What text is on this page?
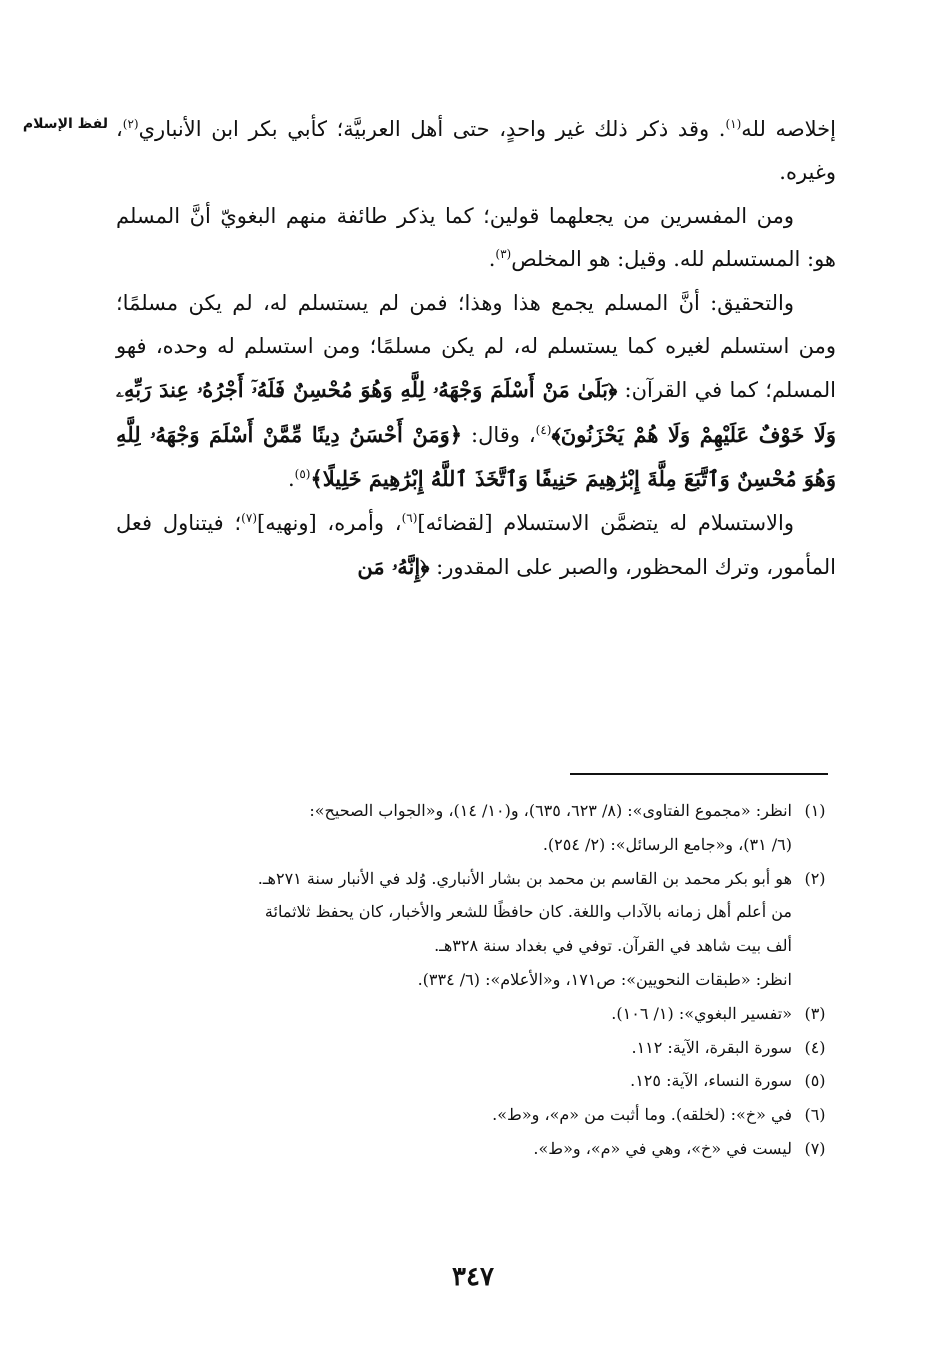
لفظ الإسلام	إخلاصه لله$^{(١)}$. وقد ذكر ذلك غير واحدٍ، حتى أهل العربيَّة؛ كأبي بكر ابن الأنباري$^{(٢)}$، وغيره.

ومن المفسرين من يجعلهما قولين؛ كما يذكر طائفة منهم البغويّ أنَّ المسلم هو: المستسلم لله. وقيل: هو المخلص$^{(٣)}$.

والتحقيق: أنَّ المسلم يجمع هذا وهذا؛ فمن لم يستسلم له، لم يكن مسلمًا؛ ومن استسلم لغيره كما يستسلم له، لم يكن مسلمًا؛ ومن استسلم له وحده، فهو المسلم؛ كما في القرآن: ﴿بَلَىٰ مَنْ أَسْلَمَ وَجْهَهُۥ لِلَّهِ وَهُوَ مُحْسِنٌ فَلَهُۥٓ أَجْرُهُۥ عِندَ رَبِّهِۦ وَلَا خَوْفٌ عَلَيْهِمْ وَلَا هُمْ يَحْزَنُونَ﴾$^{(٤)}$، وقال: ﴿وَمَنْ أَحْسَنُ دِينًا مِّمَّنْ أَسْلَمَ وَجْهَهُۥ لِلَّهِ وَهُوَ مُحْسِنٌ وَٱتَّبَعَ مِلَّةَ إِبْرَٰهِيمَ حَنِيفًا وَٱتَّخَذَ ٱللَّهُ إِبْرَٰهِيمَ خَلِيلًا﴾$^{(٥)}$.

والاستسلام له يتضمَّن الاستسلام [لقضائه]$^{(٦)}$، وأمره، [ونهيه]$^{(٧)}$؛ فيتناول فعل المأمور، وترك المحظور، والصبر على المقدور: ﴿إِنَّهُۥ مَن

(١)
انظر: «مجموع الفتاوى»: (٨/ ٦٢٣، ٦٣٥)، و(١٠/ ١٤)، و«الجواب الصحيح»:
(٦/ ٣١)، و«جامع الرسائل»: (٢/ ٢٥٤).
(٢)
هو أبو بكر محمد بن القاسم بن محمد بن بشار الأنباري. وُلد في الأنبار سنة ٢٧١هـ.
من أعلم أهل زمانه بالآداب واللغة. كان حافظًا للشعر والأخبار، كان يحفظ ثلاثمائة
ألف بيت شاهد في القرآن. توفي في بغداد سنة ٣٢٨هـ.
انظر: «طبقات النحويين»: ص١٧١، و«الأعلام»: (٦/ ٣٣٤).
(٣)
«تفسير البغوي»: (١/ ١٠٦).
(٤)
سورة البقرة، الآية: ١١٢.
(٥)
سورة النساء، الآية: ١٢٥.
(٦)
في «خ»: (لخلقه). وما أثبت من «م»، و«ط».
(٧)
ليست في «خ»، وهي في «م»، و«ط».
٣٤٧
